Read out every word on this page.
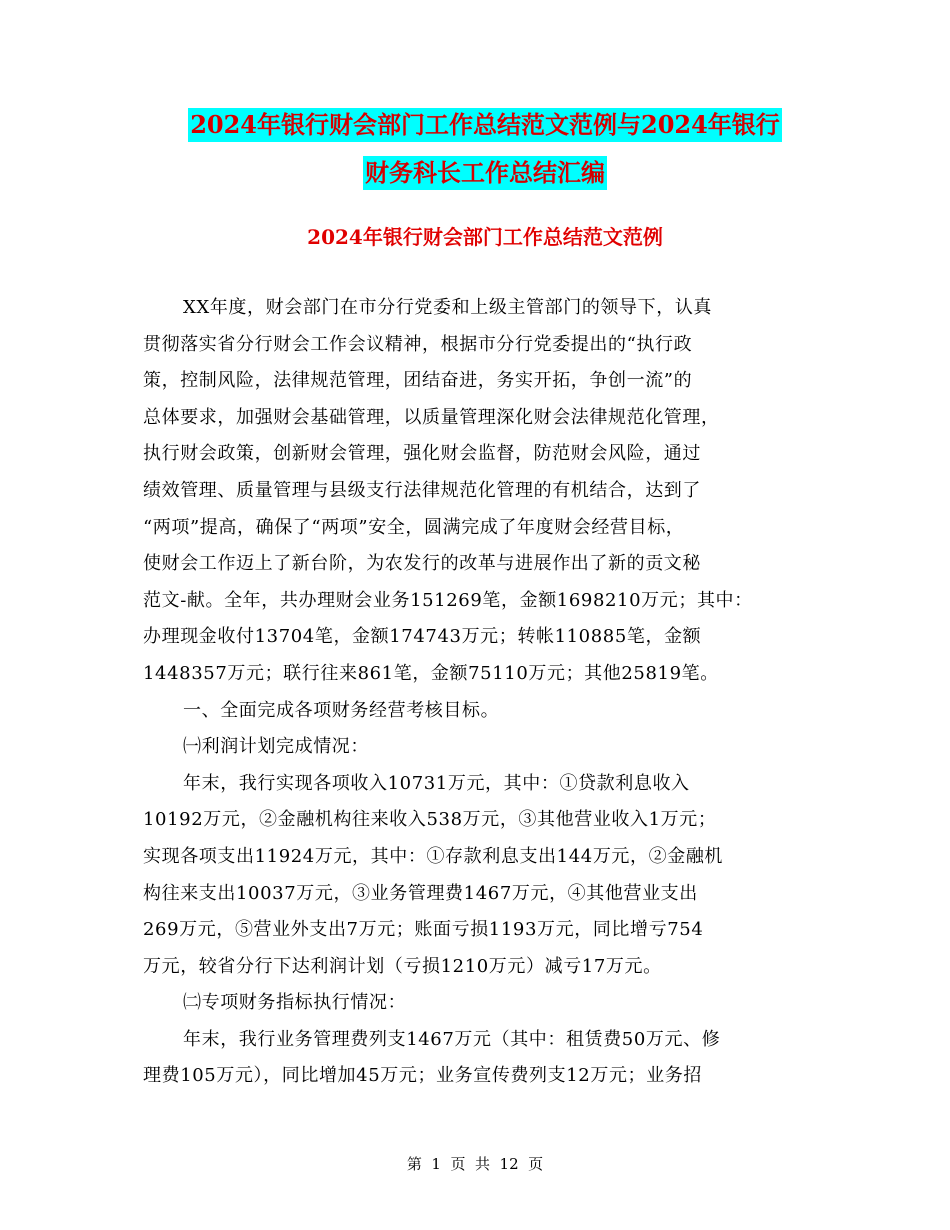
2024年银行财会部门工作总结范文范例与2024年银行
财务科长工作总结汇编
2024年银行财会部门工作总结范文范例
XX年度，财会部门在市分行党委和上级主管部门的领导下，认真
贯彻落实省分行财会工作会议精神，根据市分行党委提出的“执行政
策，控制风险，法律规范管理，团结奋进，务实开拓，争创一流”的
总体要求，加强财会基础管理，以质量管理深化财会法律规范化管理，
执行财会政策，创新财会管理，强化财会监督，防范财会风险，通过
绩效管理、质量管理与县级支行法律规范化管理的有机结合，达到了
“两项”提高，确保了“两项”安全，圆满完成了年度财会经营目标，
使财会工作迈上了新台阶，为农发行的改革与进展作出了新的贡文秘
范文-献。全年，共办理财会业务151269笔，金额1698210万元；其中：
办理现金收付13704笔，金额174743万元；转帐110885笔，金额
1448357万元；联行往来861笔，金额75110万元；其他25819笔。
一、全面完成各项财务经营考核目标。
㈠利润计划完成情况：
年末，我行实现各项收入10731万元，其中：①贷款利息收入
10192万元，②金融机构往来收入538万元，③其他营业收入1万元；
实现各项支出11924万元，其中：①存款利息支出144万元，②金融机
构往来支出10037万元，③业务管理费1467万元，④其他营业支出
269万元，⑤营业外支出7万元；账面亏损1193万元，同比增亏754
万元，较省分行下达利润计划（亏损1210万元）减亏17万元。
㈡专项财务指标执行情况：
年末，我行业务管理费列支1467万元（其中：租赁费50万元、修
理费105万元），同比增加45万元；业务宣传费列支12万元；业务招
第  1  页  共  12  页
